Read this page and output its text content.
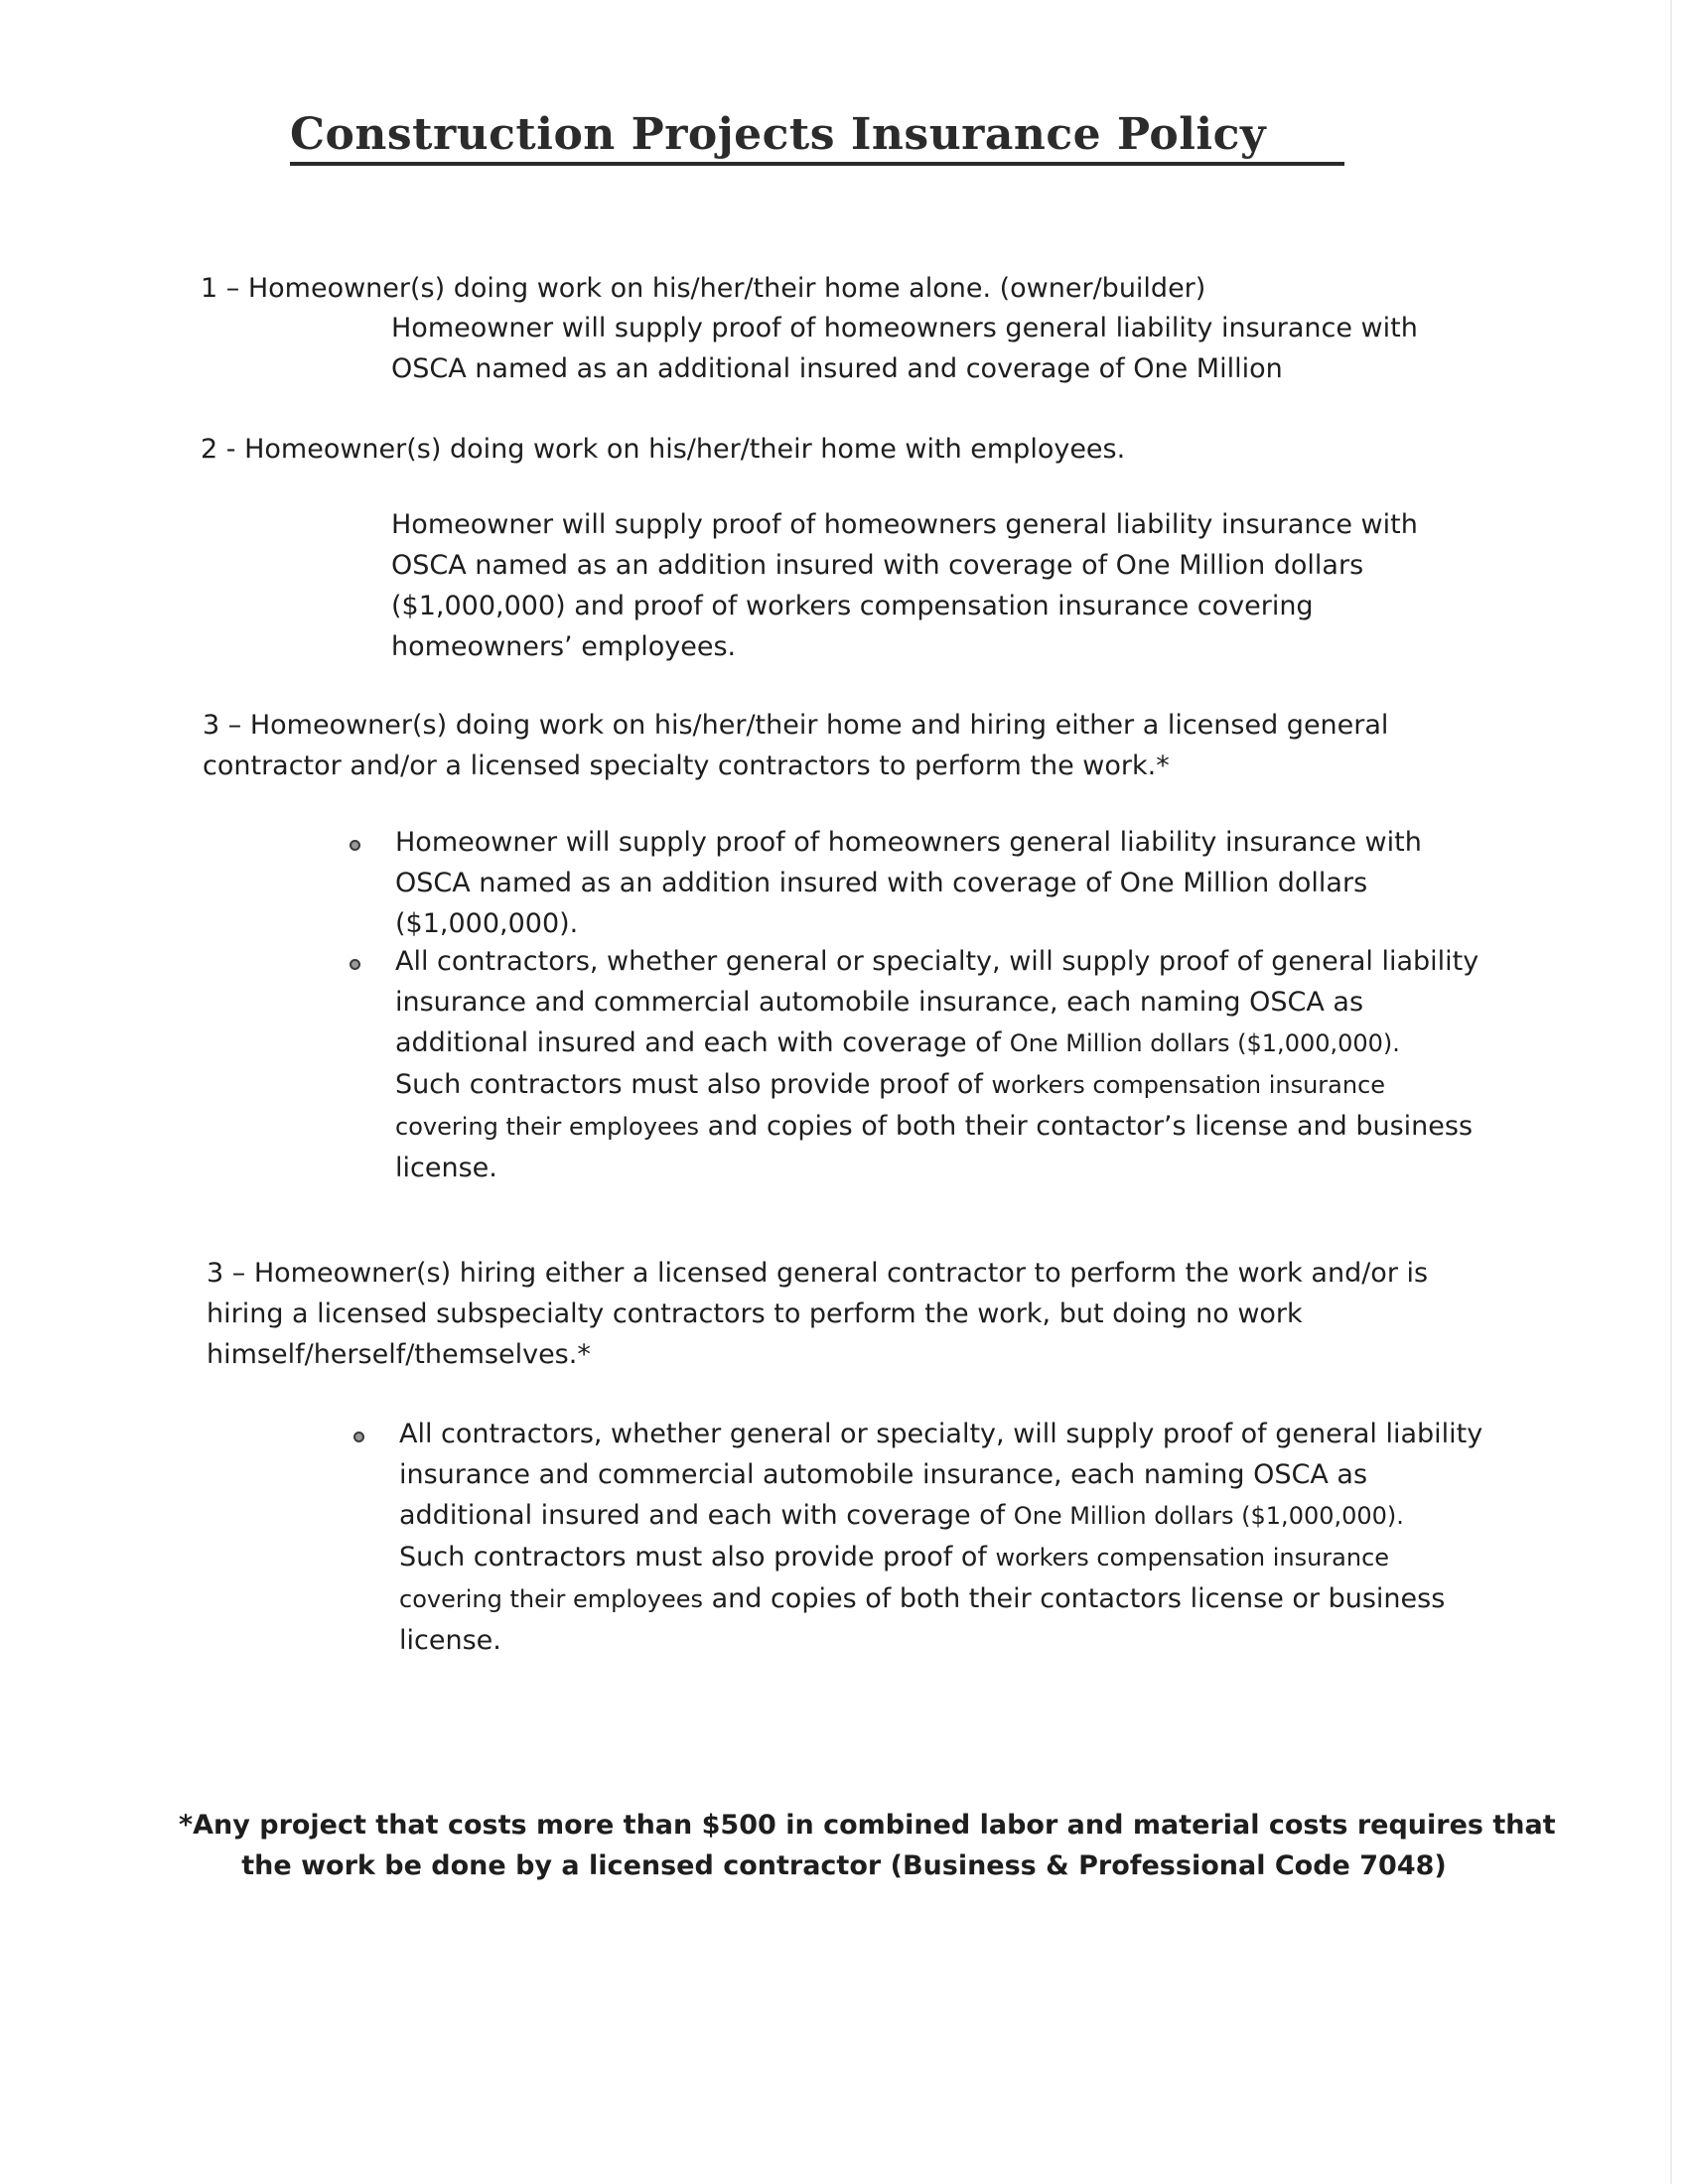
Construction Projects Insurance Policy
1 – Homeowner(s) doing work on his/her/their home alone. (owner/builder)
Homeowner will supply proof of homeowners general liability insurance with
OSCA named as an additional insured and coverage of One Million
2 - Homeowner(s) doing work on his/her/their home with employees.
Homeowner will supply proof of homeowners general liability insurance with
OSCA named as an addition insured with coverage of One Million dollars
($1,000,000) and proof of workers compensation insurance covering
homeowners’ employees.
3 – Homeowner(s) doing work on his/her/their home and hiring either a licensed general
contractor and/or a licensed specialty contractors to perform the work.*
Homeowner will supply proof of homeowners general liability insurance with
OSCA named as an addition insured with coverage of One Million dollars
($1,000,000).
All contractors, whether general or specialty, will supply proof of general liability
insurance and commercial automobile insurance, each naming OSCA as
additional insured and each with coverage of One Million dollars ($1,000,000).
Such contractors must also provide proof of workers compensation insurance
covering their employees and copies of both their contactor’s license and business
license.
3 – Homeowner(s) hiring either a licensed general contractor to perform the work and/or is
hiring a licensed subspecialty contractors to perform the work, but doing no work
himself/herself/themselves.*
All contractors, whether general or specialty, will supply proof of general liability
insurance and commercial automobile insurance, each naming OSCA as
additional insured and each with coverage of One Million dollars ($1,000,000).
Such contractors must also provide proof of workers compensation insurance
covering their employees and copies of both their contactors license or business
license.
*Any project that costs more than $500 in combined labor and material costs requires that
the work be done by a licensed contractor (Business & Professional Code 7048)
